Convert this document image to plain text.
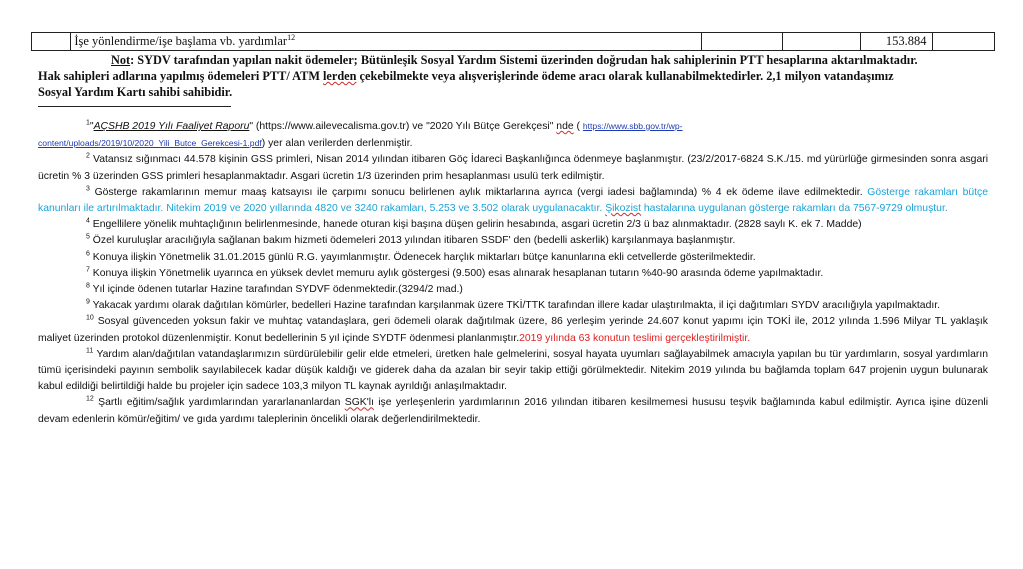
	İşe yönlendirme/işe başlama vb. yardımlar$^{12}$			153.884	
Not: SYDV tarafından yapılan nakit ödemeler; Bütünleşik Sosyal Yardım Sistemi üzerinden doğrudan hak sahiplerinin PTT hesaplarına aktarılmaktadır.
Hak sahipleri adlarına yapılmış ödemeleri PTT/ ATM lerden çekebilmekte veya alışverişlerinde ödeme aracı olarak kullanabilmektedirler. 2,1 milyon vatandaşımız
Sosyal Yardım Kartı sahibi sahibidir.

$^1$"AÇSHB 2019 Yılı Faaliyet Raporu" (https://www.ailevecalisma.gov.tr) ve "2020 Yılı Bütçe Gerekçesi" nde ( https://www.sbb.gov.tr/wp-
content/uploads/2019/10/2020_Yili_Butce_Gerekcesi-1.pdf) yer alan verilerden derlenmiştir.

$^2$ Vatansız sığınmacı 44.578 kişinin GSS primleri, Nisan 2014 yılından itibaren Göç İdareci Başkanlığınca ödenmeye başlanmıştır. (23/2/2017-6824 S.K./15. md yürürlüğe girmesinden sonra asgari ücretin % 3 üzerinden GSS primleri hesaplanmaktadır. Asgari ücretin 1/3 üzerinden prim hesaplanması usulü terk edilmiştir.

$^3$ Gösterge rakamlarının memur maaş katsayısı ile çarpımı sonucu belirlenen aylık miktarlarına ayrıca (vergi iadesi bağlamında) % 4 ek ödeme ilave edilmektedir. Gösterge rakamları bütçe kanunları ile artırılmaktadır. Nitekim 2019 ve 2020 yıllarında 4820 ve 3240 rakamları, 5.253 ve 3.502 olarak uygulanacaktır. Şikozist hastalarına uygulanan gösterge rakamları da 7567-9729 olmuştur.

$^4$ Engellilere yönelik muhtaçlığının belirlenmesinde, hanede oturan kişi başına düşen gelirin hesabında, asgari ücretin 2/3 ü baz alınmaktadır. (2828 saylı K. ek 7. Madde)

$^5$ Özel kuruluşlar aracılığıyla sağlanan bakım hizmeti ödemeleri 2013 yılından itibaren SSDF' den (bedelli askerlik) karşılanmaya başlanmıştır.

$^6$ Konuya ilişkin Yönetmelik 31.01.2015 günlü R.G. yayımlanmıştır. Ödenecek harçlık miktarları bütçe kanunlarına ekli cetvellerde gösterilmektedir.

$^7$ Konuya ilişkin Yönetmelik uyarınca en yüksek devlet memuru aylık göstergesi (9.500) esas alınarak hesaplanan tutarın %40-90 arasında ödeme yapılmaktadır.

$^8$ Yıl içinde ödenen tutarlar Hazine tarafından SYDVF ödenmektedir.(3294/2 mad.)

$^9$ Yakacak yardımı olarak dağıtılan kömürler, bedelleri Hazine tarafından karşılanmak üzere TKİ/TTK tarafından illere kadar ulaştırılmakta, il içi dağıtımları SYDV aracılığıyla yapılmaktadır.

$^{10}$ Sosyal güvenceden yoksun fakir ve muhtaç vatandaşlara, geri ödemeli olarak dağıtılmak üzere, 86 yerleşim yerinde 24.607 konut yapımı için TOKİ ile, 2012 yılında 1.596 Milyar TL yaklaşık maliyet üzerinden protokol düzenlenmiştir. Konut bedellerinin 5 yıl içinde SYDTF ödenmesi planlanmıştır.2019 yılında 63 konutun teslimi gerçekleştirilmiştir.

$^{11}$ Yardım alan/dağıtılan vatandaşlarımızın sürdürülebilir gelir elde etmeleri, üretken hale gelmelerini, sosyal hayata uyumları sağlayabilmek amacıyla yapılan bu tür yardımların, sosyal yardımların tümü içerisindeki payının sembolik sayılabilecek kadar düşük kaldığı ve giderek daha da azalan bir seyir takip ettiği görülmektedir. Nitekim 2019 yılında bu bağlamda toplam 647 projenin uygun bulunarak kabul edildiği belirtildiği halde bu projeler için sadece 103,3 milyon TL kaynak ayrıldığı anlaşılmaktadır.

$^{12}$ Şartlı eğitim/sağlık yardımlarından yararlananlardan SGK'lı işe yerleşenlerin yardımlarının 2016 yılından itibaren kesilmemesi hususu teşvik bağlamında kabul edilmiştir. Ayrıca işine düzenli devam edenlerin kömür/eğitim/ ve gıda yardımı taleplerinin öncelikli olarak değerlendirilmektedir.
